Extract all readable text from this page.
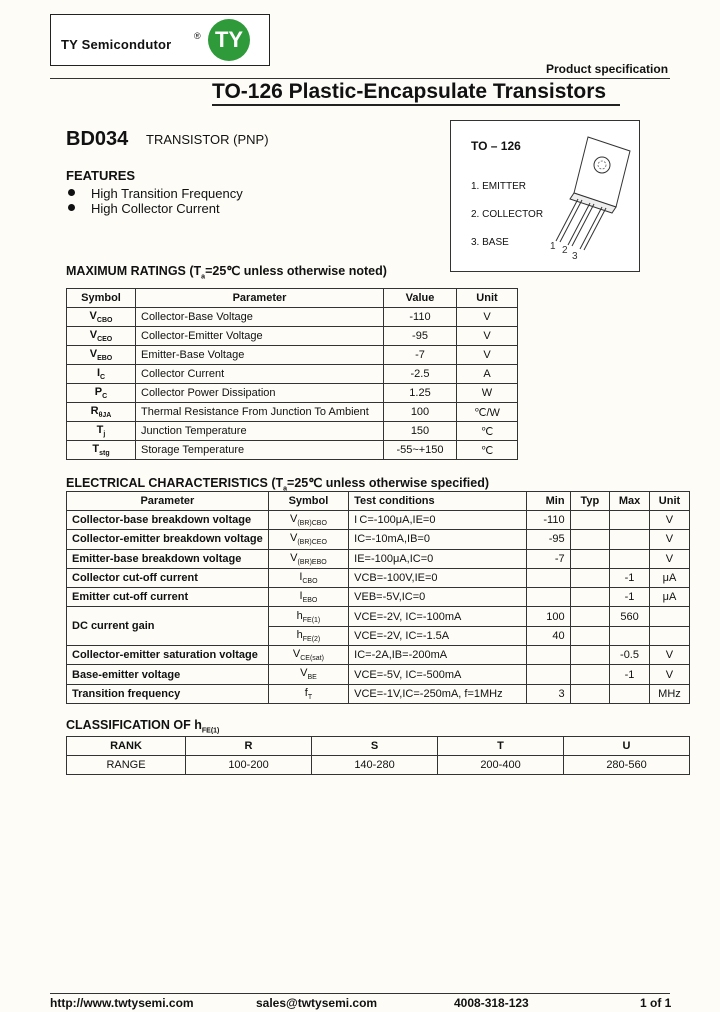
TY Semicondutor
® TY
Product specification
TO-126 Plastic-Encapsulate Transistors
BD034 TRANSISTOR (PNP)
FEATURES
High Transition Frequency
High Collector Current
TO – 126
1. EMITTER
2. COLLECTOR
3. BASE	1 2
3
MAXIMUM RATINGS ($T_a=25℃$ unless otherwise noted)
Symbol	Parameter	Value	Unit
$V_{CBO}$	Collector-Base Voltage	-110	V
$V_{CEO}$	Collector-Emitter Voltage	-95	V
$V_{EBO}$	Emitter-Base Voltage	-7	V
$I_C$	Collector Current	-2.5	A
$P_C$	Collector Power Dissipation	1.25	W
$R_{\theta JA}$	Thermal Resistance From Junction To Ambient	100	℃/W
$T_j$	Junction Temperature	150	℃
$T_{stg}$	Storage Temperature	-55~+150	℃
ELECTRICAL CHARACTERISTICS ($T_a=25℃$ unless otherwise specified)
Parameter	Symbol	Test conditions	Min	Typ	Max	Unit
Collector-base breakdown voltage	$V_{(BR)CBO}$	I C=-100μA,IE=0	-110			V
Collector-emitter breakdown voltage	$V_{(BR)CEO}$	IC=-10mA,IB=0	-95			V
Emitter-base breakdown voltage	$V_{(BR)EBO}$	IE=-100μA,IC=0	-7			V
Collector cut-off current	$I_{CBO}$	VCB=-100V,IE=0			-1	μA
Emitter cut-off current	$I_{EBO}$	VEB=-5V,IC=0			-1	μA
DC current gain	$h_{FE(1)}$	VCE=-2V, IC=-100mA	100		560	
	$h_{FE(2)}$	VCE=-2V, IC=-1.5A	40			
Collector-emitter saturation voltage	$V_{CE(sat)}$	IC=-2A,IB=-200mA			-0.5	V
Base-emitter voltage	$V_{BE}$	VCE=-5V, IC=-500mA			-1	V
Transition frequency	$f_T$	VCE=-1V,IC=-250mA, f=1MHz	3			MHz
CLASSIFICATION OF $h_{FE(1)}$
RANK	R	S	T	U
RANGE	100-200	140-280	200-400	280-560
http://www.twtysemi.com	sales@twtysemi.com	4008-318-123	1 of 1
